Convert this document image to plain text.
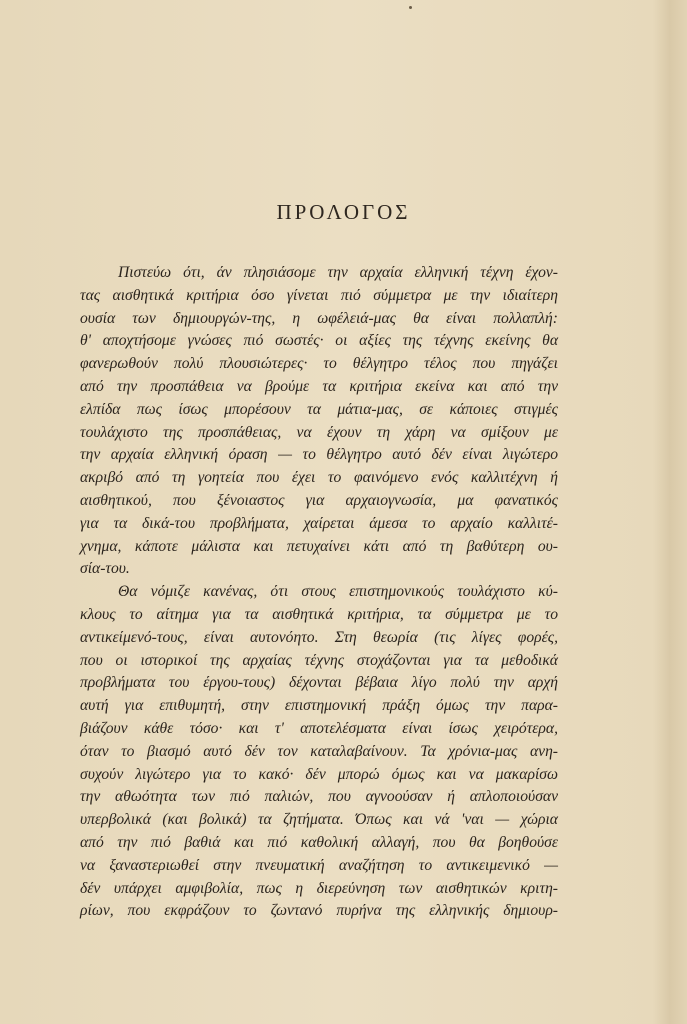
ΠΡΟΛΟΓΟΣ
Πιστεύω ότι, άν πλησιάσομε την αρχαία ελληνική τέχνη έχον-
τας αισθητικά κριτήρια όσο γίνεται πιό σύμμετρα με την ιδιαίτερη
ουσία των δημιουργών-της, η ωφέλειά-μας θα είναι πολλαπλή:
θ' αποχτήσομε γνώσες πιό σωστές· οι αξίες της τέχνης εκείνης θα
φανερωθούν πολύ πλουσιώτερες· το θέλγητρο τέλος που πηγάζει
από την προσπάθεια να βρούμε τα κριτήρια εκείνα και από την
ελπίδα πως ίσως μπορέσουν τα μάτια-μας, σε κάποιες στιγμές
τουλάχιστο της προσπάθειας, να έχουν τη χάρη να σμίξουν με
την αρχαία ελληνική όραση — το θέλγητρο αυτό δέν είναι λιγώτερο
ακριβό από τη γοητεία που έχει το φαινόμενο ενός καλλιτέχνη ή
αισθητικού, που ξένοιαστος για αρχαιογνωσία, μα φανατικός
για τα δικά-του προβλήματα, χαίρεται άμεσα το αρχαίο καλλιτέ-
χνημα, κάποτε μάλιστα και πετυχαίνει κάτι από τη βαθύτερη ου-
σία-του.
Θα νόμιζε κανένας, ότι στους επιστημονικούς τουλάχιστο κύ-
κλους το αίτημα για τα αισθητικά κριτήρια, τα σύμμετρα με το
αντικείμενό-τους, είναι αυτονόητο. Στη θεωρία (τις λίγες φορές,
που οι ιστορικοί της αρχαίας τέχνης στοχάζονται για τα μεθοδικά
προβλήματα του έργου-τους) δέχονται βέβαια λίγο πολύ την αρχή
αυτή για επιθυμητή, στην επιστημονική πράξη όμως την παρα-
βιάζουν κάθε τόσο· και τ' αποτελέσματα είναι ίσως χειρότερα,
όταν το βιασμό αυτό δέν τον καταλαβαίνουν. Τα χρόνια-μας ανη-
συχούν λιγώτερο για το κακό· δέν μπορώ όμως και να μακαρίσω
την αθωότητα των πιό παλιών, που αγνοούσαν ή απλοποιούσαν
υπερβολικά (και βολικά) τα ζητήματα. Όπως και νά 'ναι — χώρια
από την πιό βαθιά και πιό καθολική αλλαγή, που θα βοηθούσε
να ξαναστεριωθεί στην πνευματική αναζήτηση το αντικειμενικό —
δέν υπάρχει αμφιβολία, πως η διερεύνηση των αισθητικών κριτη-
ρίων, που εκφράζουν το ζωντανό πυρήνα της ελληνικής δημιουρ-
